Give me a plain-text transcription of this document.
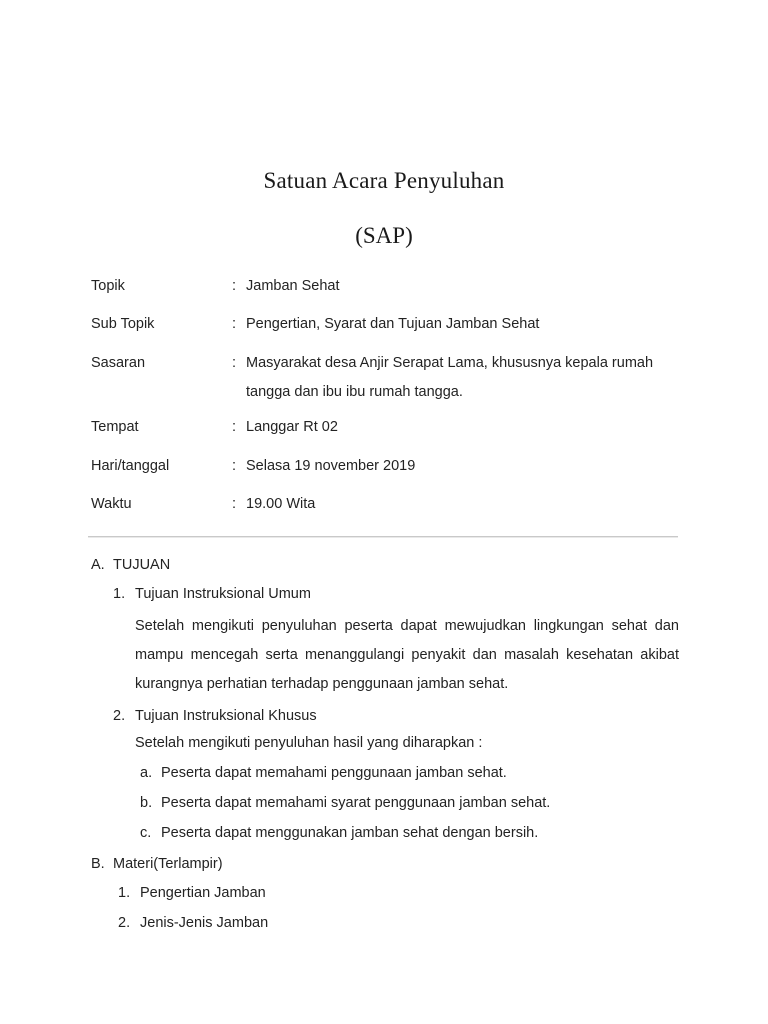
Satuan Acara Penyuluhan
(SAP)
Topik	: Jamban Sehat
Sub Topik	: Pengertian, Syarat dan Tujuan Jamban Sehat
Sasaran	: Masyarakat desa Anjir Serapat Lama, khususnya kepala rumah
tangga dan ibu ibu rumah tangga.
Tempat	: Langgar Rt 02
Hari/tanggal	: Selasa 19 november 2019
Waktu	: 19.00 Wita
A. TUJUAN
1. Tujuan Instruksional Umum
Setelah mengikuti penyuluhan peserta dapat mewujudkan lingkungan sehat dan mampu mencegah serta menanggulangi penyakit dan masalah kesehatan akibat kurangnya perhatian terhadap penggunaan jamban sehat.
2. Tujuan Instruksional Khusus
Setelah mengikuti penyuluhan hasil yang diharapkan :
a. Peserta dapat memahami penggunaan jamban sehat.
b. Peserta dapat memahami syarat penggunaan jamban sehat.
c. Peserta dapat menggunakan jamban sehat dengan bersih.
B. Materi(Terlampir)
1. Pengertian Jamban
2. Jenis-Jenis Jamban
